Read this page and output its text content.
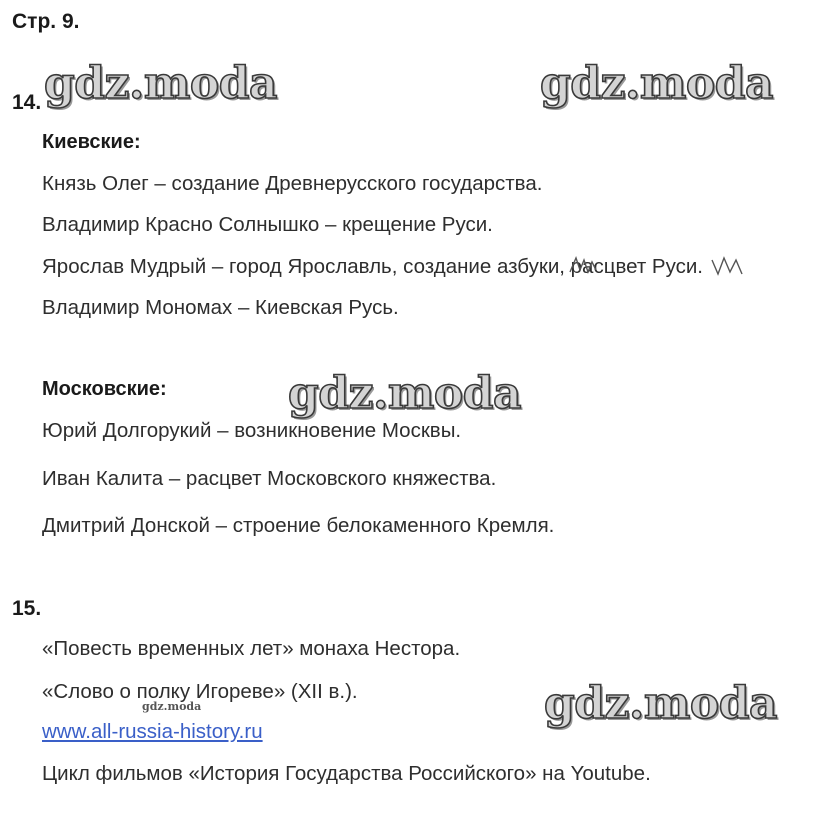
gdz.moda	gdz.moda
gdz.moda
gdz.moda
gdz.moda
Стр. 9.
14.
Киевские:
Князь Олег – создание Древнерусского государства.
Владимир Красно Солнышко – крещение Руси.
Ярослав Мудрый – город Ярославль, создание азбуки, расцвет Руси.
Владимир Мономах – Киевская Русь.
Московские:
Юрий Долгорукий – возникновение Москвы.
Иван Калита – расцвет Московского княжества.
Дмитрий Донской – строение белокаменного Кремля.
15.
«Повесть временных лет» монаха Нестора.
«Слово о полку Игореве» (XII в.).
www.all-russia-history.ru
Цикл фильмов «История Государства Российского» на Youtube.
